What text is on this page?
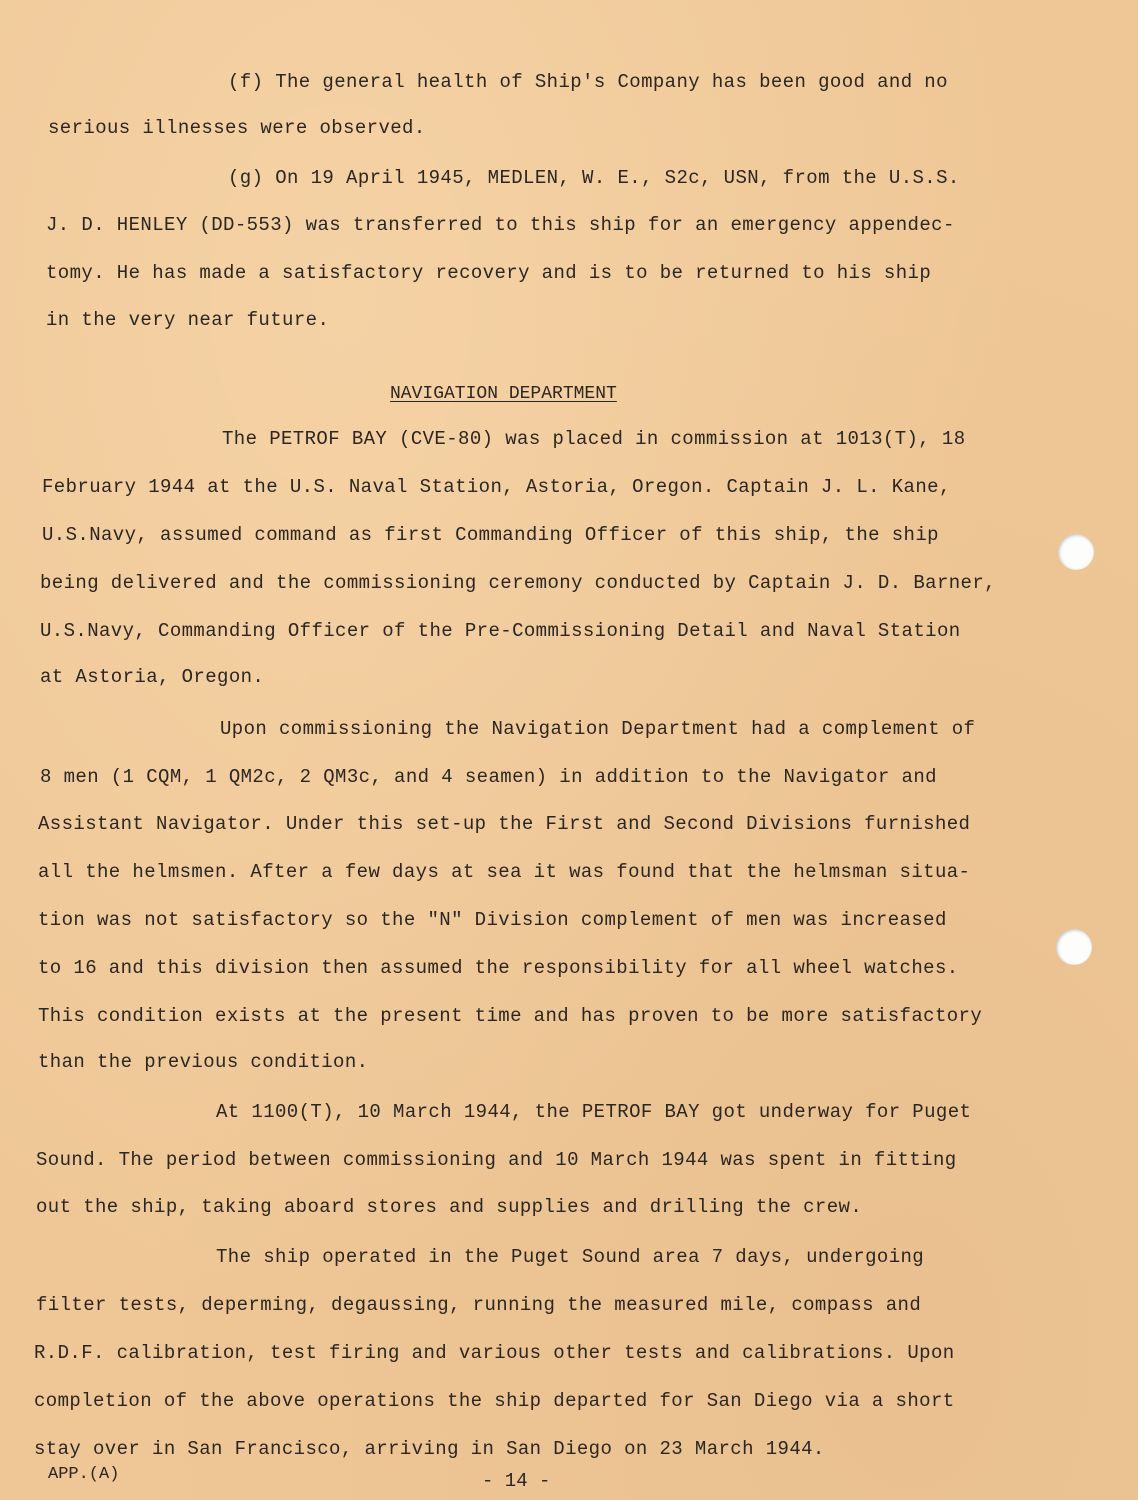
(f) The general health of Ship's Company has been good and no
serious illnesses were observed.
(g) On 19 April 1945, MEDLEN, W. E., S2c, USN, from the U.S.S.
J. D. HENLEY (DD-553) was transferred to this ship for an emergency appendec-
tomy. He has made a satisfactory recovery and is to be returned to his ship
in the very near future.
NAVIGATION DEPARTMENT
The PETROF BAY (CVE-80) was placed in commission at 1013(T), 18
February 1944 at the U.S. Naval Station, Astoria, Oregon. Captain J. L. Kane,
U.S.Navy, assumed command as first Commanding Officer of this ship, the ship
being delivered and the commissioning ceremony conducted by Captain J. D. Barner,
U.S.Navy, Commanding Officer of the Pre-Commissioning Detail and Naval Station
at Astoria, Oregon.
Upon commissioning the Navigation Department had a complement of
8 men (1 CQM, 1 QM2c, 2 QM3c, and 4 seamen) in addition to the Navigator and
Assistant Navigator. Under this set-up the First and Second Divisions furnished
all the helmsmen. After a few days at sea it was found that the helmsman situa-
tion was not satisfactory so the "N" Division complement of men was increased
to 16 and this division then assumed the responsibility for all wheel watches.
This condition exists at the present time and has proven to be more satisfactory
than the previous condition.
At 1100(T), 10 March 1944, the PETROF BAY got underway for Puget
Sound. The period between commissioning and 10 March 1944 was spent in fitting
out the ship, taking aboard stores and supplies and drilling the crew.
The ship operated in the Puget Sound area 7 days, undergoing
filter tests, deperming, degaussing, running the measured mile, compass and
R.D.F. calibration, test firing and various other tests and calibrations. Upon
completion of the above operations the ship departed for San Diego via a short
stay over in San Francisco, arriving in San Diego on 23 March 1944.
APP.(A)	- 14 -
